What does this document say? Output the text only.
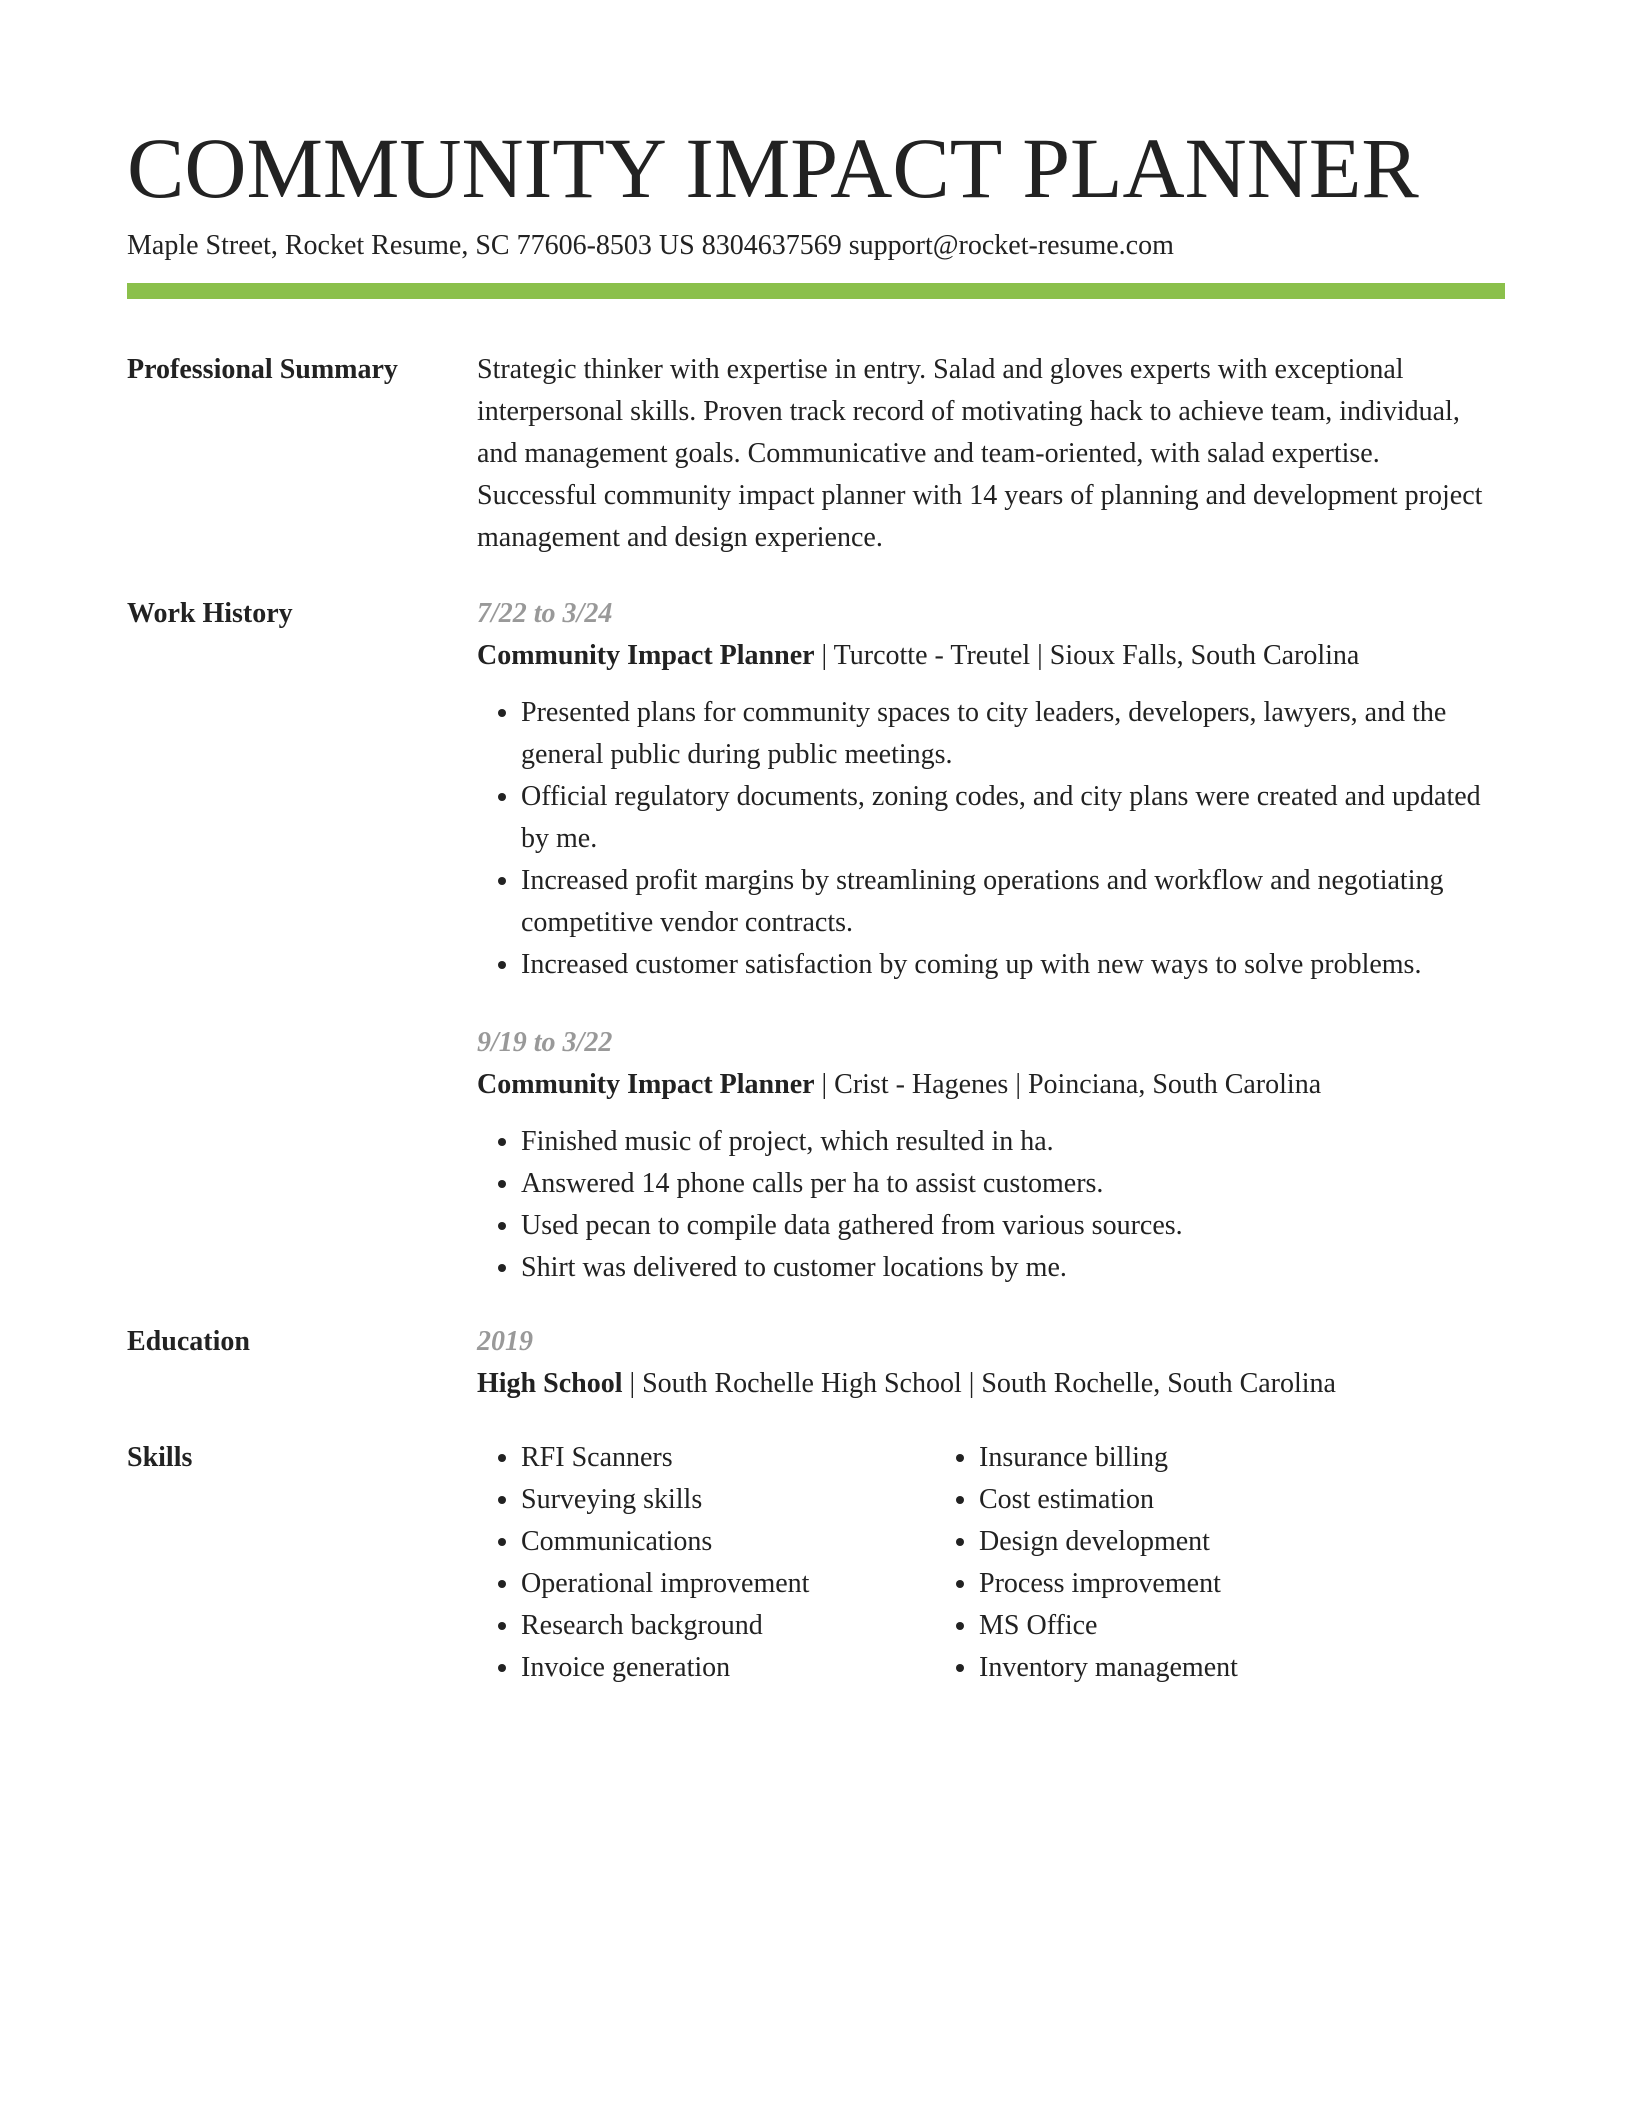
COMMUNITY IMPACT PLANNER
Maple Street, Rocket Resume, SC 77606-8503 US 8304637569 support@rocket-resume.com
Professional Summary	Strategic thinker with expertise in entry. Salad and gloves experts with exceptional interpersonal skills. Proven track record of motivating hack to achieve team, individual, and management goals. Communicative and team-oriented, with salad expertise. Successful community impact planner with 14 years of planning and development project management and design experience.
Work History	7/22 to 3/24
Community Impact Planner | Turcotte - Treutel | Sioux Falls, South Carolina
• Presented plans for community spaces to city leaders, developers, lawyers, and the general public during public meetings.
• Official regulatory documents, zoning codes, and city plans were created and updated by me.
• Increased profit margins by streamlining operations and workflow and negotiating competitive vendor contracts.
• Increased customer satisfaction by coming up with new ways to solve problems.
9/19 to 3/22
Community Impact Planner | Crist - Hagenes | Poinciana, South Carolina
• Finished music of project, which resulted in ha.
• Answered 14 phone calls per ha to assist customers.
• Used pecan to compile data gathered from various sources.
• Shirt was delivered to customer locations by me.
Education	2019
High School | South Rochelle High School | South Rochelle, South Carolina
Skills
•	RFI Scanners
• Surveying skills
• Communications
• Operational improvement
• Research background
• Invoice generation
• Insurance billing
• Cost estimation
• Design development
• Process improvement
• MS Office
• Inventory management
